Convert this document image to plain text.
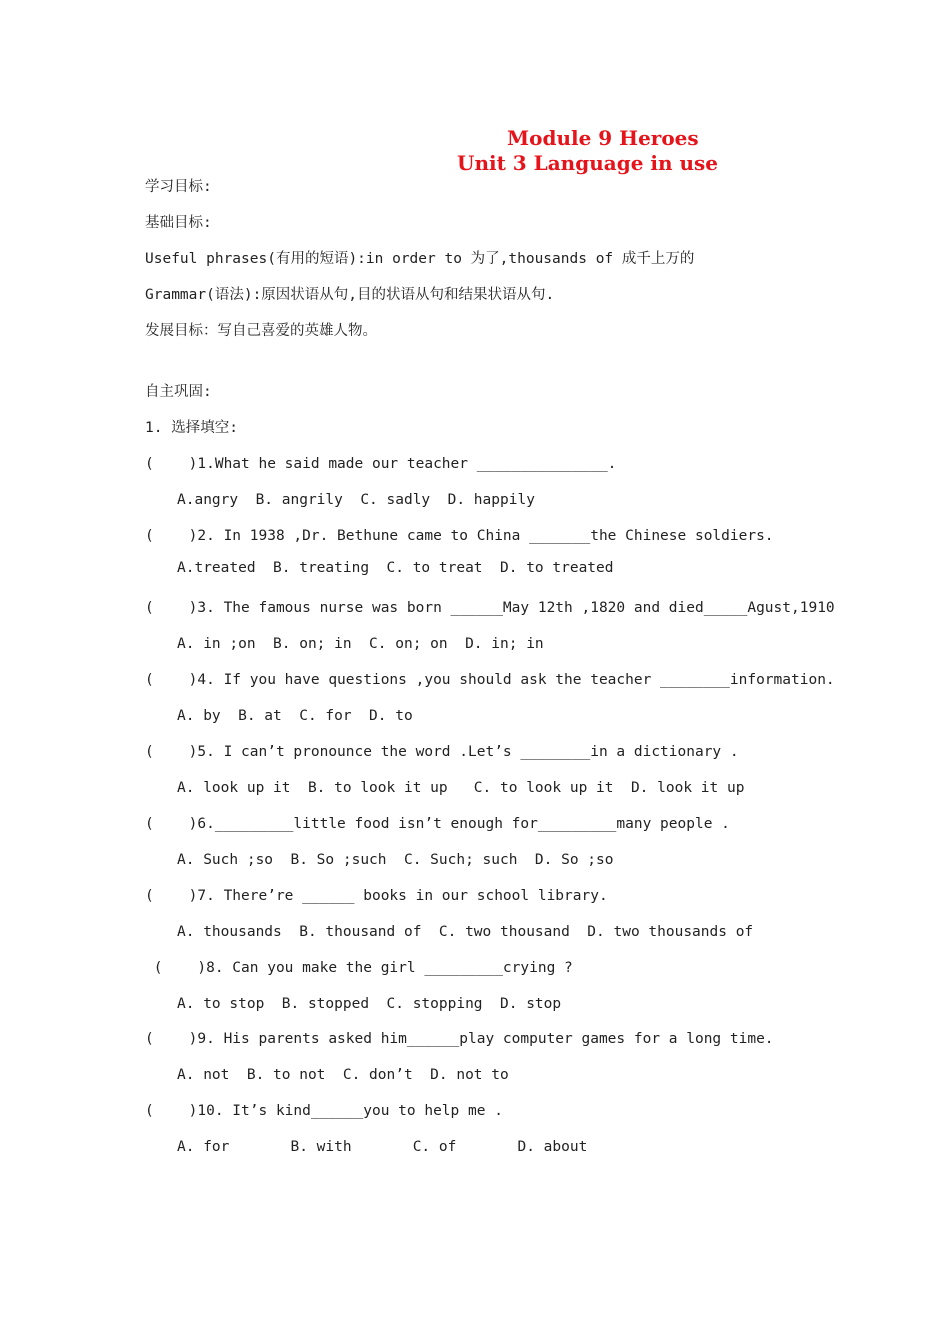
Module 9 Heroes
Unit 3 Language in use
学习目标:
基础目标:
Useful phrases(有用的短语):in order to 为了,thousands of 成千上万的
Grammar(语法):原因状语从句,目的状语从句和结果状语从句.
发展目标：写自己喜爱的英雄人物。
自主巩固:
1. 选择填空:
(    )1.What he said made our teacher _______________.
A.angry  B. angrily  C. sadly  D. happily
(    )2. In 1938 ,Dr. Bethune came to China _______the Chinese soldiers.
A.treated  B. treating  C. to treat  D. to treated
(    )3. The famous nurse was born ______May 12th ,1820 and died_____Agust,1910
A. in ;on  B. on; in  C. on; on  D. in; in
(    )4. If you have questions ,you should ask the teacher ________information.
A. by  B. at  C. for  D. to
(    )5. I can’t pronounce the word .Let’s ________in a dictionary .
A. look up it  B. to look it up   C. to look up it  D. look it up
(    )6._________little food isn’t enough for_________many people .
A. Such ;so  B. So ;such  C. Such; such  D. So ;so
(    )7. There’re ______ books in our school library.
A. thousands  B. thousand of  C. two thousand  D. two thousands of
(    )8. Can you make the girl _________crying ?
A. to stop  B. stopped  C. stopping  D. stop
(    )9. His parents asked him______play computer games for a long time.
A. not  B. to not  C. don’t  D. not to
(    )10. It’s kind______you to help me .
A. for       B. with       C. of       D. about
